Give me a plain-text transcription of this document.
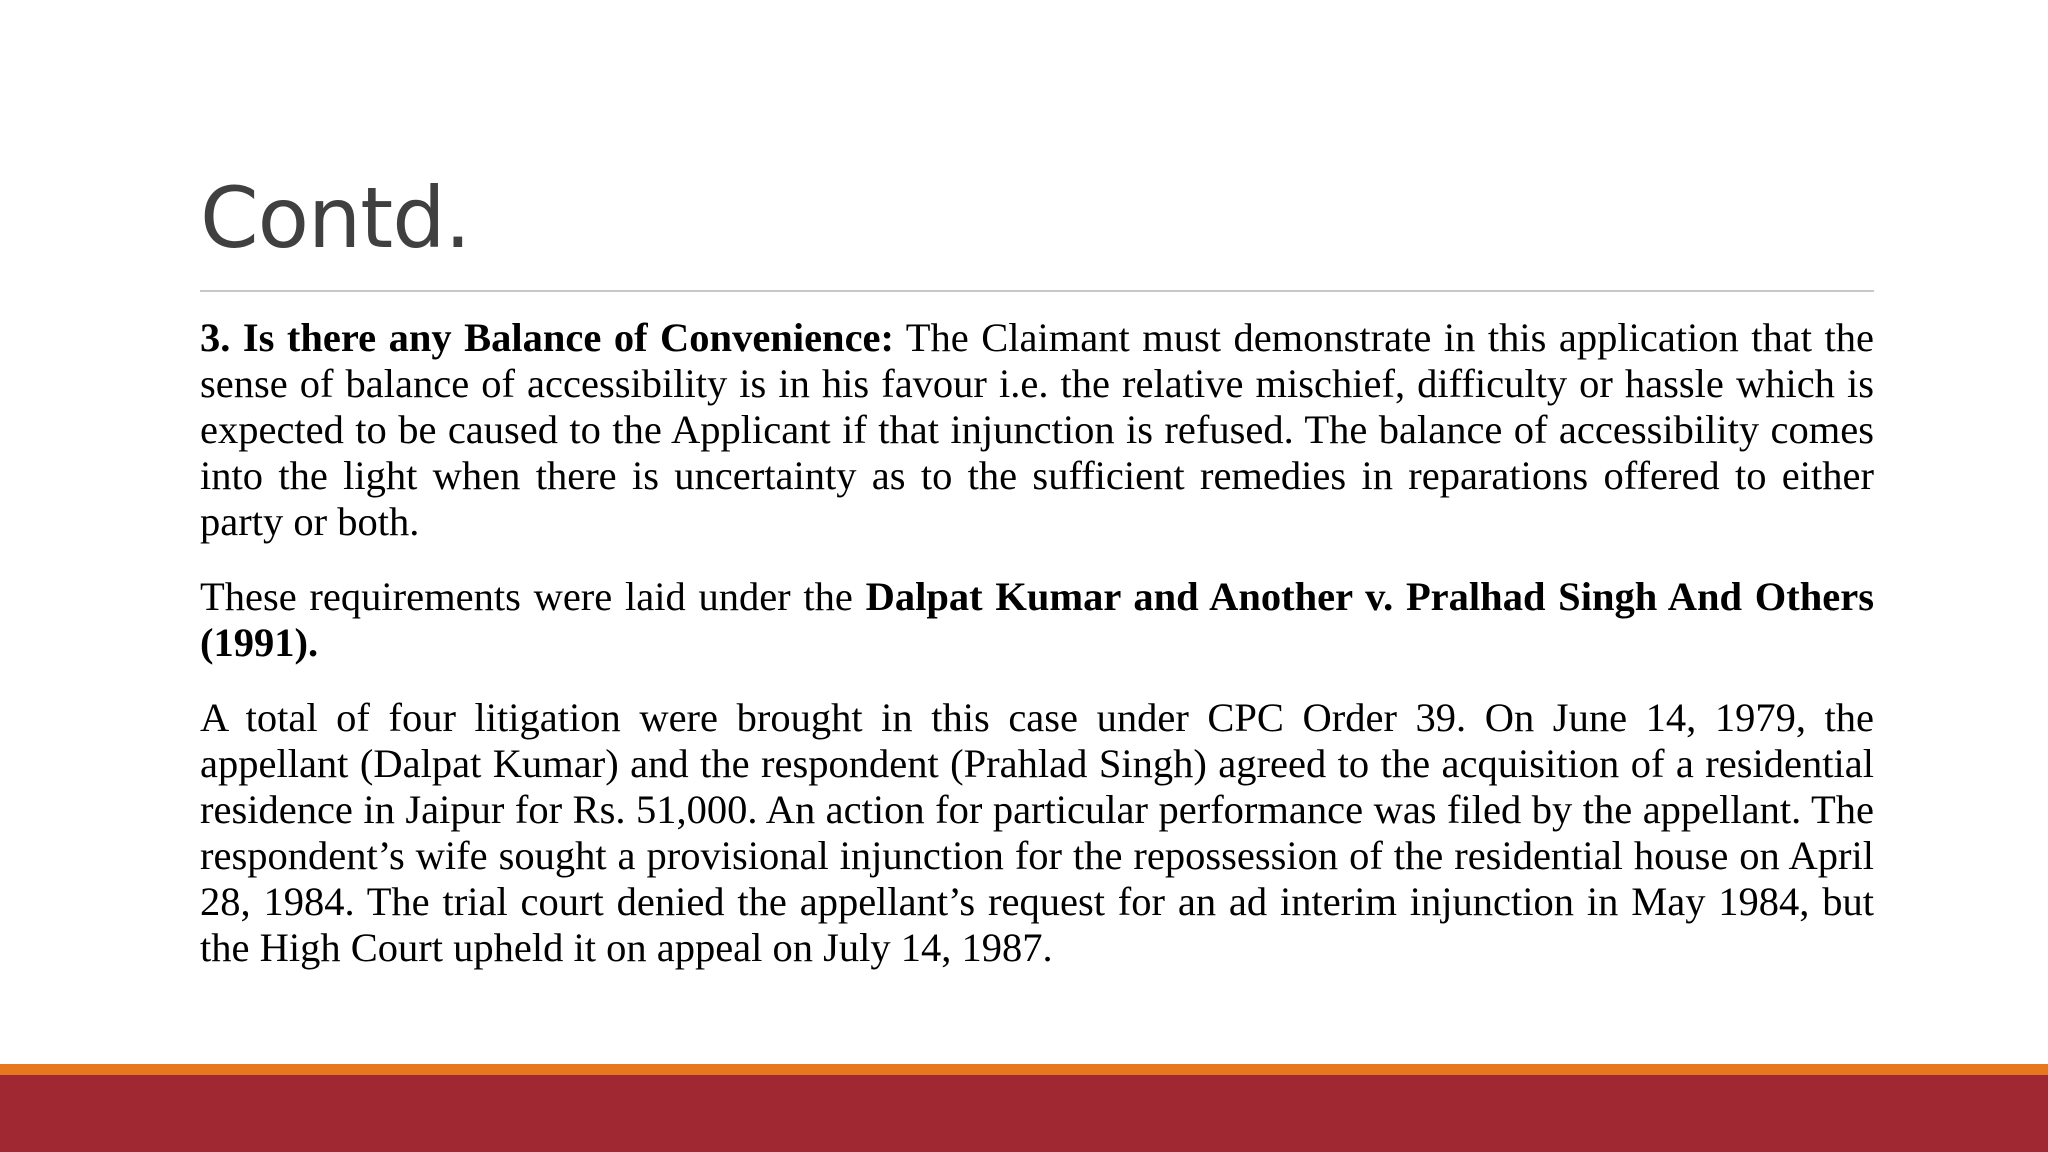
Contd.

3. Is there any Balance of Convenience: The Claimant must demonstrate in this application that the sense of balance of accessibility is in his favour i.e. the relative mischief, difficulty or hassle which is expected to be caused to the Applicant if that injunction is refused. The balance of accessibility comes into the light when there is uncertainty as to the sufficient remedies in reparations offered to either party or both.

These requirements were laid under the Dalpat Kumar and Another v. Pralhad Singh And Others (1991).

A total of four litigation were brought in this case under CPC Order 39. On June 14, 1979, the appellant (Dalpat Kumar) and the respondent (Prahlad Singh) agreed to the acquisition of a residential residence in Jaipur for Rs. 51,000. An action for particular performance was filed by the appellant. The respondent’s wife sought a provisional injunction for the repossession of the residential house on April 28, 1984. The trial court denied the appellant’s request for an ad interim injunction in May 1984, but the High Court upheld it on appeal on July 14, 1987.
